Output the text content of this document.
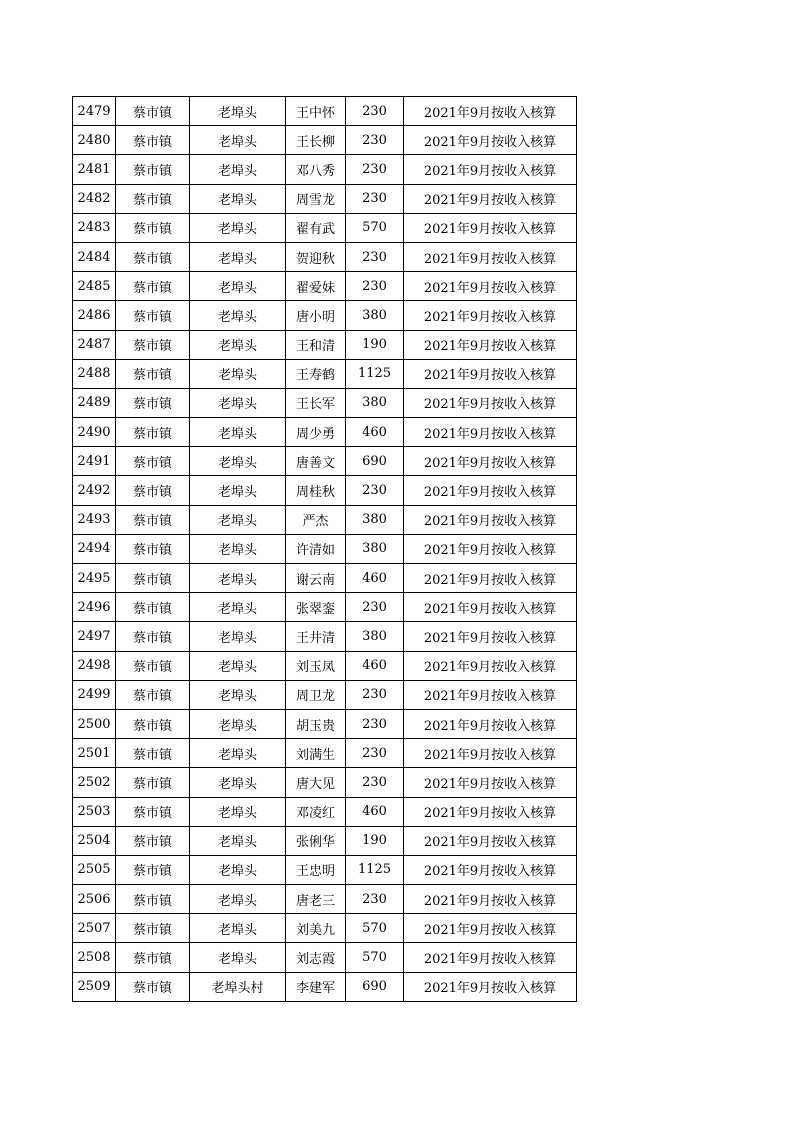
2479	蔡市镇	老埠头	王中怀	230	2021年9月按收入核算
2480	蔡市镇	老埠头	王长柳	230	2021年9月按收入核算
2481	蔡市镇	老埠头	邓八秀	230	2021年9月按收入核算
2482	蔡市镇	老埠头	周雪龙	230	2021年9月按收入核算
2483	蔡市镇	老埠头	翟有武	570	2021年9月按收入核算
2484	蔡市镇	老埠头	贺迎秋	230	2021年9月按收入核算
2485	蔡市镇	老埠头	翟爱妹	230	2021年9月按收入核算
2486	蔡市镇	老埠头	唐小明	380	2021年9月按收入核算
2487	蔡市镇	老埠头	王和清	190	2021年9月按收入核算
2488	蔡市镇	老埠头	王寿鹤	1125	2021年9月按收入核算
2489	蔡市镇	老埠头	王长军	380	2021年9月按收入核算
2490	蔡市镇	老埠头	周少勇	460	2021年9月按收入核算
2491	蔡市镇	老埠头	唐善文	690	2021年9月按收入核算
2492	蔡市镇	老埠头	周桂秋	230	2021年9月按收入核算
2493	蔡市镇	老埠头	严杰	380	2021年9月按收入核算
2494	蔡市镇	老埠头	许清如	380	2021年9月按收入核算
2495	蔡市镇	老埠头	谢云南	460	2021年9月按收入核算
2496	蔡市镇	老埠头	张翠銮	230	2021年9月按收入核算
2497	蔡市镇	老埠头	王井清	380	2021年9月按收入核算
2498	蔡市镇	老埠头	刘玉凤	460	2021年9月按收入核算
2499	蔡市镇	老埠头	周卫龙	230	2021年9月按收入核算
2500	蔡市镇	老埠头	胡玉贵	230	2021年9月按收入核算
2501	蔡市镇	老埠头	刘满生	230	2021年9月按收入核算
2502	蔡市镇	老埠头	唐大见	230	2021年9月按收入核算
2503	蔡市镇	老埠头	邓凌红	460	2021年9月按收入核算
2504	蔡市镇	老埠头	张俐华	190	2021年9月按收入核算
2505	蔡市镇	老埠头	王忠明	1125	2021年9月按收入核算
2506	蔡市镇	老埠头	唐老三	230	2021年9月按收入核算
2507	蔡市镇	老埠头	刘美九	570	2021年9月按收入核算
2508	蔡市镇	老埠头	刘志霞	570	2021年9月按收入核算
2509	蔡市镇	老埠头村	李建军	690	2021年9月按收入核算
